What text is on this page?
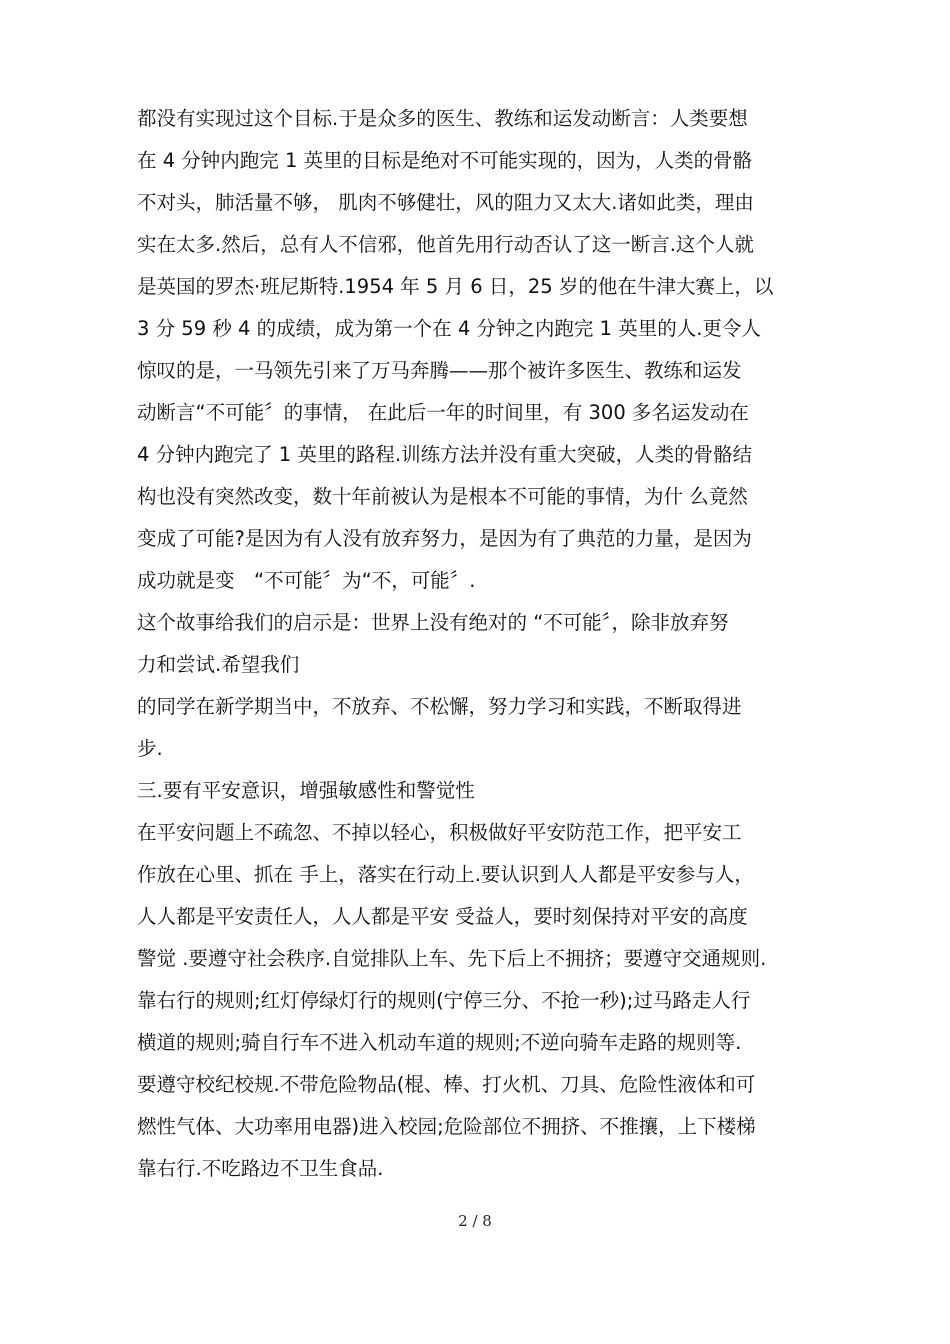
都没有实现过这个目标.于是众多的医生、教练和运发动断言：人类要想

在 4 分钟内跑完 1 英里的目标是绝对不可能实现的，因为，人类的骨骼

不对头，肺活量不够， 肌肉不够健壮，风的阻力又太大.诸如此类，理由

实在太多.然后，总有人不信邪，他首先用行动否认了这一断言.这个人就

是英国的罗杰·班尼斯特.1954 年 5 月 6 日，25 岁的他在牛津大赛上，以

3 分 59 秒 4 的成绩，成为第一个在 4 分钟之内跑完 1 英里的人.更令人

惊叹的是，一马领先引来了万马奔腾——那个被许多医生、教练和运发

动断言“不可能〞的事情， 在此后一年的时间里，有 300 多名运发动在

4 分钟内跑完了 1 英里的路程.训练方法并没有重大突破，人类的骨骼结

构也没有突然改变，数十年前被认为是根本不可能的事情，为什 么竟然

变成了可能?是因为有人没有放弃努力，是因为有了典范的力量，是因为

成功就是变　“不可能〞为“不，可能〞.

这个故事给我们的启示是：世界上没有绝对的 “不可能〞，除非放弃努

力和尝试.希望我们

的同学在新学期当中，不放弃、不松懈，努力学习和实践，不断取得进

步.

三.要有平安意识，增强敏感性和警觉性

在平安问题上不疏忽、不掉以轻心，积极做好平安防范工作，把平安工

作放在心里、抓在 手上，落实在行动上.要认识到人人都是平安参与人，

人人都是平安责任人，人人都是平安 受益人，要时刻保持对平安的高度

警觉 .要遵守社会秩序.自觉排队上车、先下后上不拥挤；要遵守交通规则.

靠右行的规则;红灯停绿灯行的规则(宁停三分、不抢一秒);过马路走人行

横道的规则;骑自行车不进入机动车道的规则;不逆向骑车走路的规则等.

要遵守校纪校规.不带危险物品(棍、棒、打火机、刀具、危险性液体和可

燃性气体、大功率用电器)进入校园;危险部位不拥挤、不推攘，上下楼梯

靠右行.不吃路边不卫生食品.

2 / 8
